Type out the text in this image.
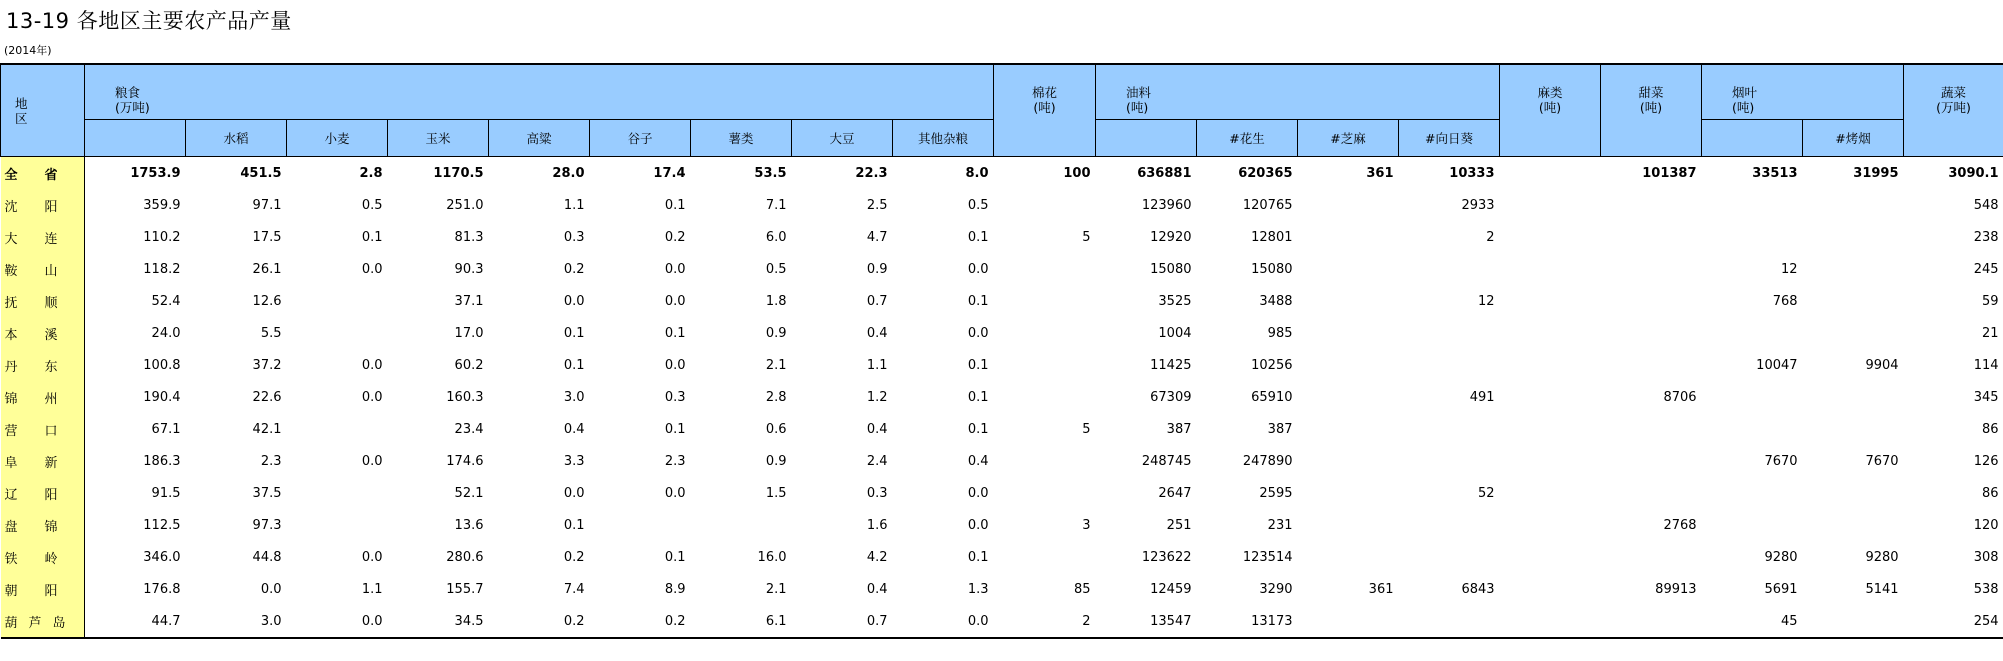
13-19 各地区主要农产品产量
(2014年)
地 区	粮食
(万吨)									棉花
(吨)	油料
(吨)				麻类
(吨)	甜菜
(吨)	烟叶
(吨)		蔬菜
(万吨)
		水稻	小麦	玉米	高粱	谷子	薯类	大豆	其他杂粮			#花生	#芝麻	#向日葵				#烤烟	
全省	1753.9	451.5	2.8	1170.5	28.0	17.4	53.5	22.3	8.0	100	636881	620365	361	10333		101387	33513	31995	3090.1
沈阳	359.9	97.1	0.5	251.0	1.1	0.1	7.1	2.5	0.5		123960	120765		2933					548
大连	110.2	17.5	0.1	81.3	0.3	0.2	6.0	4.7	0.1	5	12920	12801		2					238
鞍山	118.2	26.1	0.0	90.3	0.2	0.0	0.5	0.9	0.0		15080	15080					12		245
抚顺	52.4	12.6		37.1	0.0	0.0	1.8	0.7	0.1		3525	3488		12			768		59
本溪	24.0	5.5		17.0	0.1	0.1	0.9	0.4	0.0		1004	985							21
丹东	100.8	37.2	0.0	60.2	0.1	0.0	2.1	1.1	0.1		11425	10256					10047	9904	114
锦州	190.4	22.6	0.0	160.3	3.0	0.3	2.8	1.2	0.1		67309	65910		491		8706			345
营口	67.1	42.1		23.4	0.4	0.1	0.6	0.4	0.1	5	387	387							86
阜新	186.3	2.3	0.0	174.6	3.3	2.3	0.9	2.4	0.4		248745	247890					7670	7670	126
辽阳	91.5	37.5		52.1	0.0	0.0	1.5	0.3	0.0		2647	2595		52					86
盘锦	112.5	97.3		13.6	0.1			1.6	0.0	3	251	231				2768			120
铁岭	346.0	44.8	0.0	280.6	0.2	0.1	16.0	4.2	0.1		123622	123514					9280	9280	308
朝阳	176.8	0.0	1.1	155.7	7.4	8.9	2.1	0.4	1.3	85	12459	3290	361	6843		89913	5691	5141	538
葫芦岛	44.7	3.0	0.0	34.5	0.2	0.2	6.1	0.7	0.0	2	13547	13173					45		254
